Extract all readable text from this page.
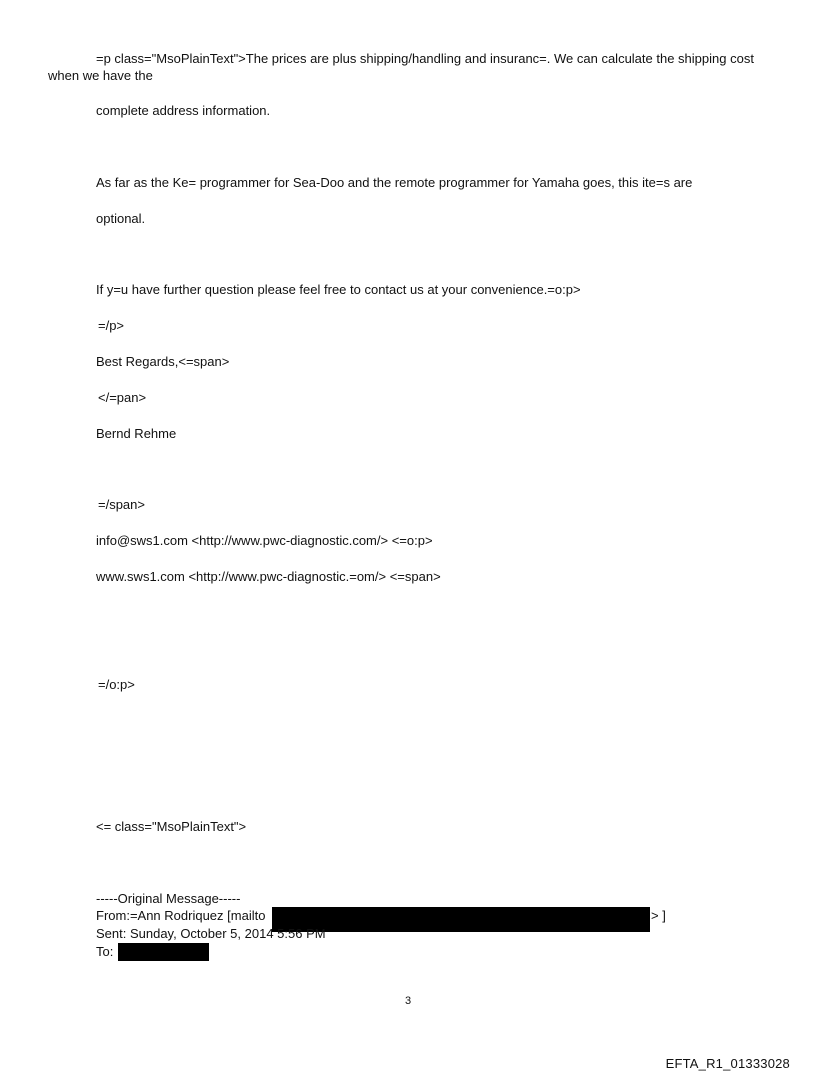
=p class="MsoPlainText">The prices are plus shipping/handling and insuranc=. We can calculate the shipping cost when we have the
complete address information.
As far as the Ke= programmer for Sea-Doo and the remote programmer for Yamaha goes, this ite=s are
optional.
If y=u have further question please feel free to contact us at your convenience.=o:p>
=/p>
Best Regards,<=span>
</=pan>
Bernd Rehme
=/span>
info@sws1.com <http://www.pwc-diagnostic.com/> <=o:p>
www.sws1.com <http://www.pwc-diagnostic.=om/> <=span>
=/o:p>
<= class="MsoPlainText">
-----Original Message-----
From:=Ann Rodriquez [mailto	> ]
Sent: Sunday, October 5, 2014 5:56 PM
To:
3
EFTA_R1_01333028
